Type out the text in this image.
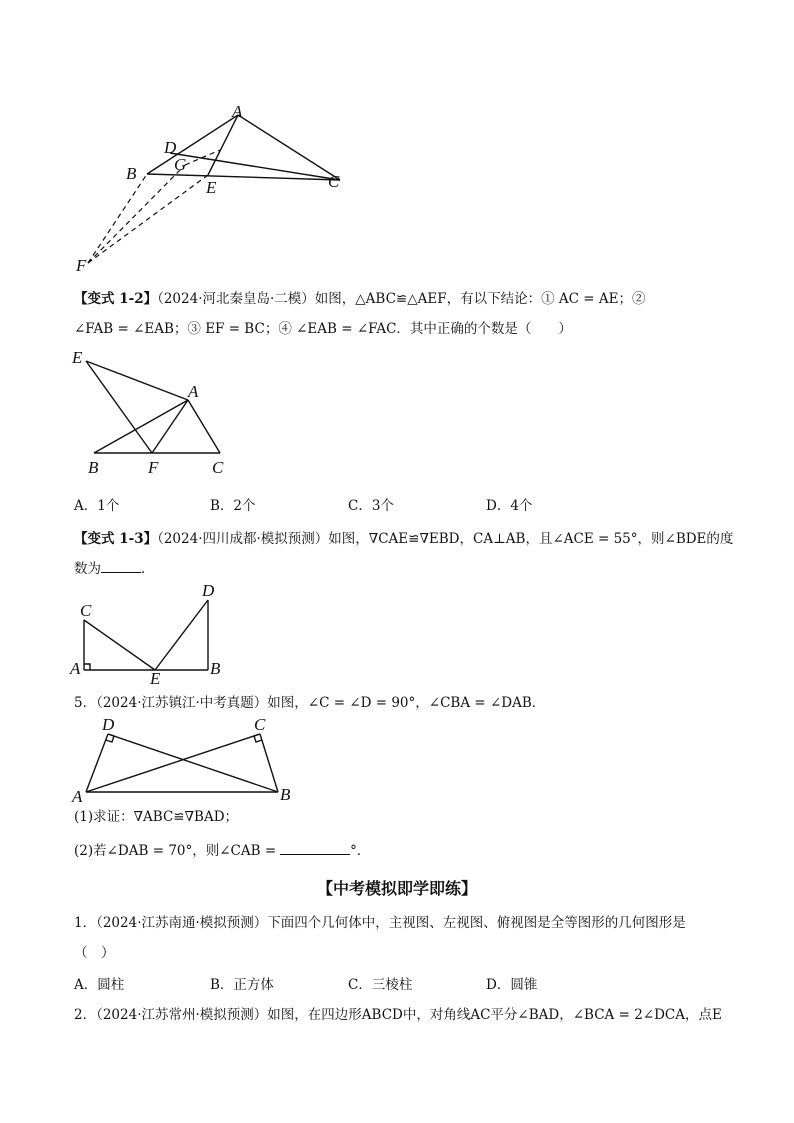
A
D
G
B
E	C
F
【变式 1-2】（2024·河北秦皇岛·二模）如图，△ABC≌△AEF，有以下结论：① AC = AE；②
∠FAB = ∠EAB；③ EF = BC；④ ∠EAB = ∠FAC．其中正确的个数是（　　）
E
A
B	F	C
A．1个	B．2个	C．3个	D．4个
【变式 1-3】（2024·四川成都·模拟预测）如图，∇CAE≌∇EBD，CA⊥AB，且∠ACE = 55°，则∠BDE的度
数为	．
C
A
E
B
D
5．（2024·江苏镇江·中考真题）如图，∠C = ∠D = 90°，∠CBA = ∠DAB．
D	C
A	B
(1)求证：∇ABC≌∇BAD；
(2)若∠DAB = 70°，则∠CAB =	°．
【中考模拟即学即练】
1．（2024·江苏南通·模拟预测）下面四个几何体中，主视图、左视图、俯视图是全等图形的几何图形是
（　）
A．圆柱	B．正方体	C．三棱柱	D．圆锥
2．（2024·江苏常州·模拟预测）如图，在四边形ABCD中，对角线AC平分∠BAD，∠BCA = 2∠DCA，点E
